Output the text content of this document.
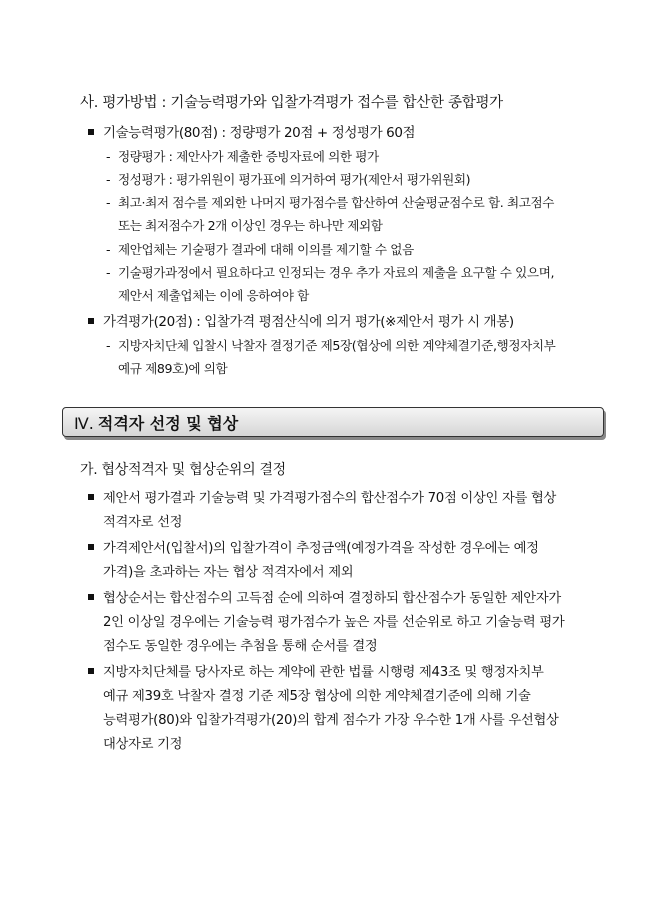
사. 평가방법 : 기술능력평가와 입찰가격평가 접수를 합산한 종합평가
기술능력평가(80점) : 정량평가 20점 + 정성평가 60점
- 정량평가 : 제안사가 제출한 증빙자료에 의한 평가
- 정성평가 : 평가위원이 평가표에 의거하여 평가(제안서 평가위원회)
- 최고·최저 점수를 제외한 나머지 평가점수를 합산하여 산술평균점수로 함. 최고점수
또는 최저점수가 2개 이상인 경우는 하나만 제외함
- 제안업체는 기술평가 결과에 대해 이의를 제기할 수 없음
- 기술평가과정에서 필요하다고 인정되는 경우 추가 자료의 제출을 요구할 수 있으며,
제안서 제출업체는 이에 응하여야 함
가격평가(20점) : 입찰가격 평점산식에 의거 평가(※제안서 평가 시 개봉)
- 지방자치단체 입찰시 낙찰자 결정기준 제5장(협상에 의한 계약체결기준,행정자치부
예규 제89호)에 의함
Ⅳ. 적격자 선정 및 협상
가. 협상적격자 및 협상순위의 결정
제안서 평가결과 기술능력 및 가격평가점수의 합산점수가 70점 이상인 자를 협상
적격자로 선정
가격제안서(입찰서)의 입찰가격이 추정금액(예정가격을 작성한 경우에는 예정
가격)을 초과하는 자는 협상 적격자에서 제외
협상순서는 합산점수의 고득점 순에 의하여 결정하되 합산점수가 동일한 제안자가
2인 이상일 경우에는 기술능력 평가점수가 높은 자를 선순위로 하고 기술능력 평가
점수도 동일한 경우에는 추첨을 통해 순서를 결정
지방자치단체를 당사자로 하는 계약에 관한 법률 시행령 제43조 및 행정자치부
예규 제39호 낙찰자 결정 기준 제5장 협상에 의한 계약체결기준에 의해 기술
능력평가(80)와 입찰가격평가(20)의 합계 점수가 가장 우수한 1개 사를 우선협상
대상자로 기정
